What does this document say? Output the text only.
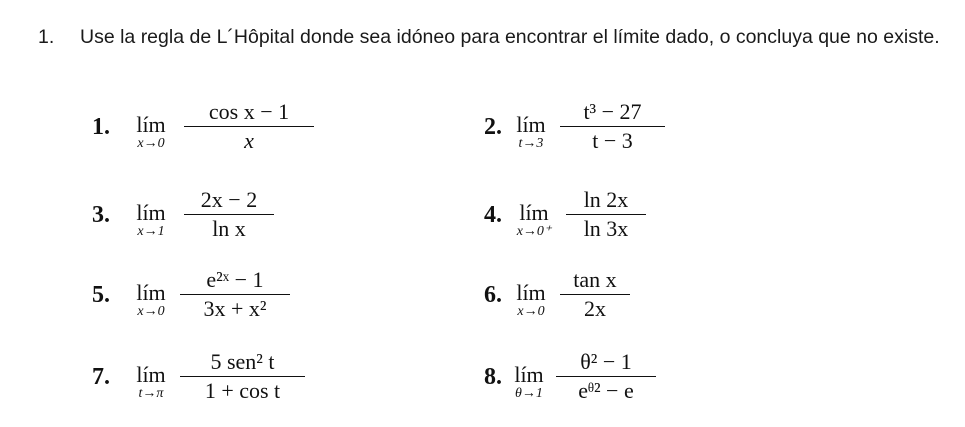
1. Use la regla de L´Hôpital donde sea idóneo para encontrar el límite dado, o concluya que no existe.
1. lím
x→0
cos x − 1
x
2. lím
t→3
t³ − 27
t − 3
3. lím
x→1
2x − 2
ln x
4. lím
x→0⁺
ln 2x
ln 3x
5. lím
x→0
e²ˣ − 1
3x + x²
6. lím
x→0
tan x
2x
7. lím
t→π
5 sen² t
1 + cos t
8. lím
θ→1
θ² − 1
eᶿ² − e
